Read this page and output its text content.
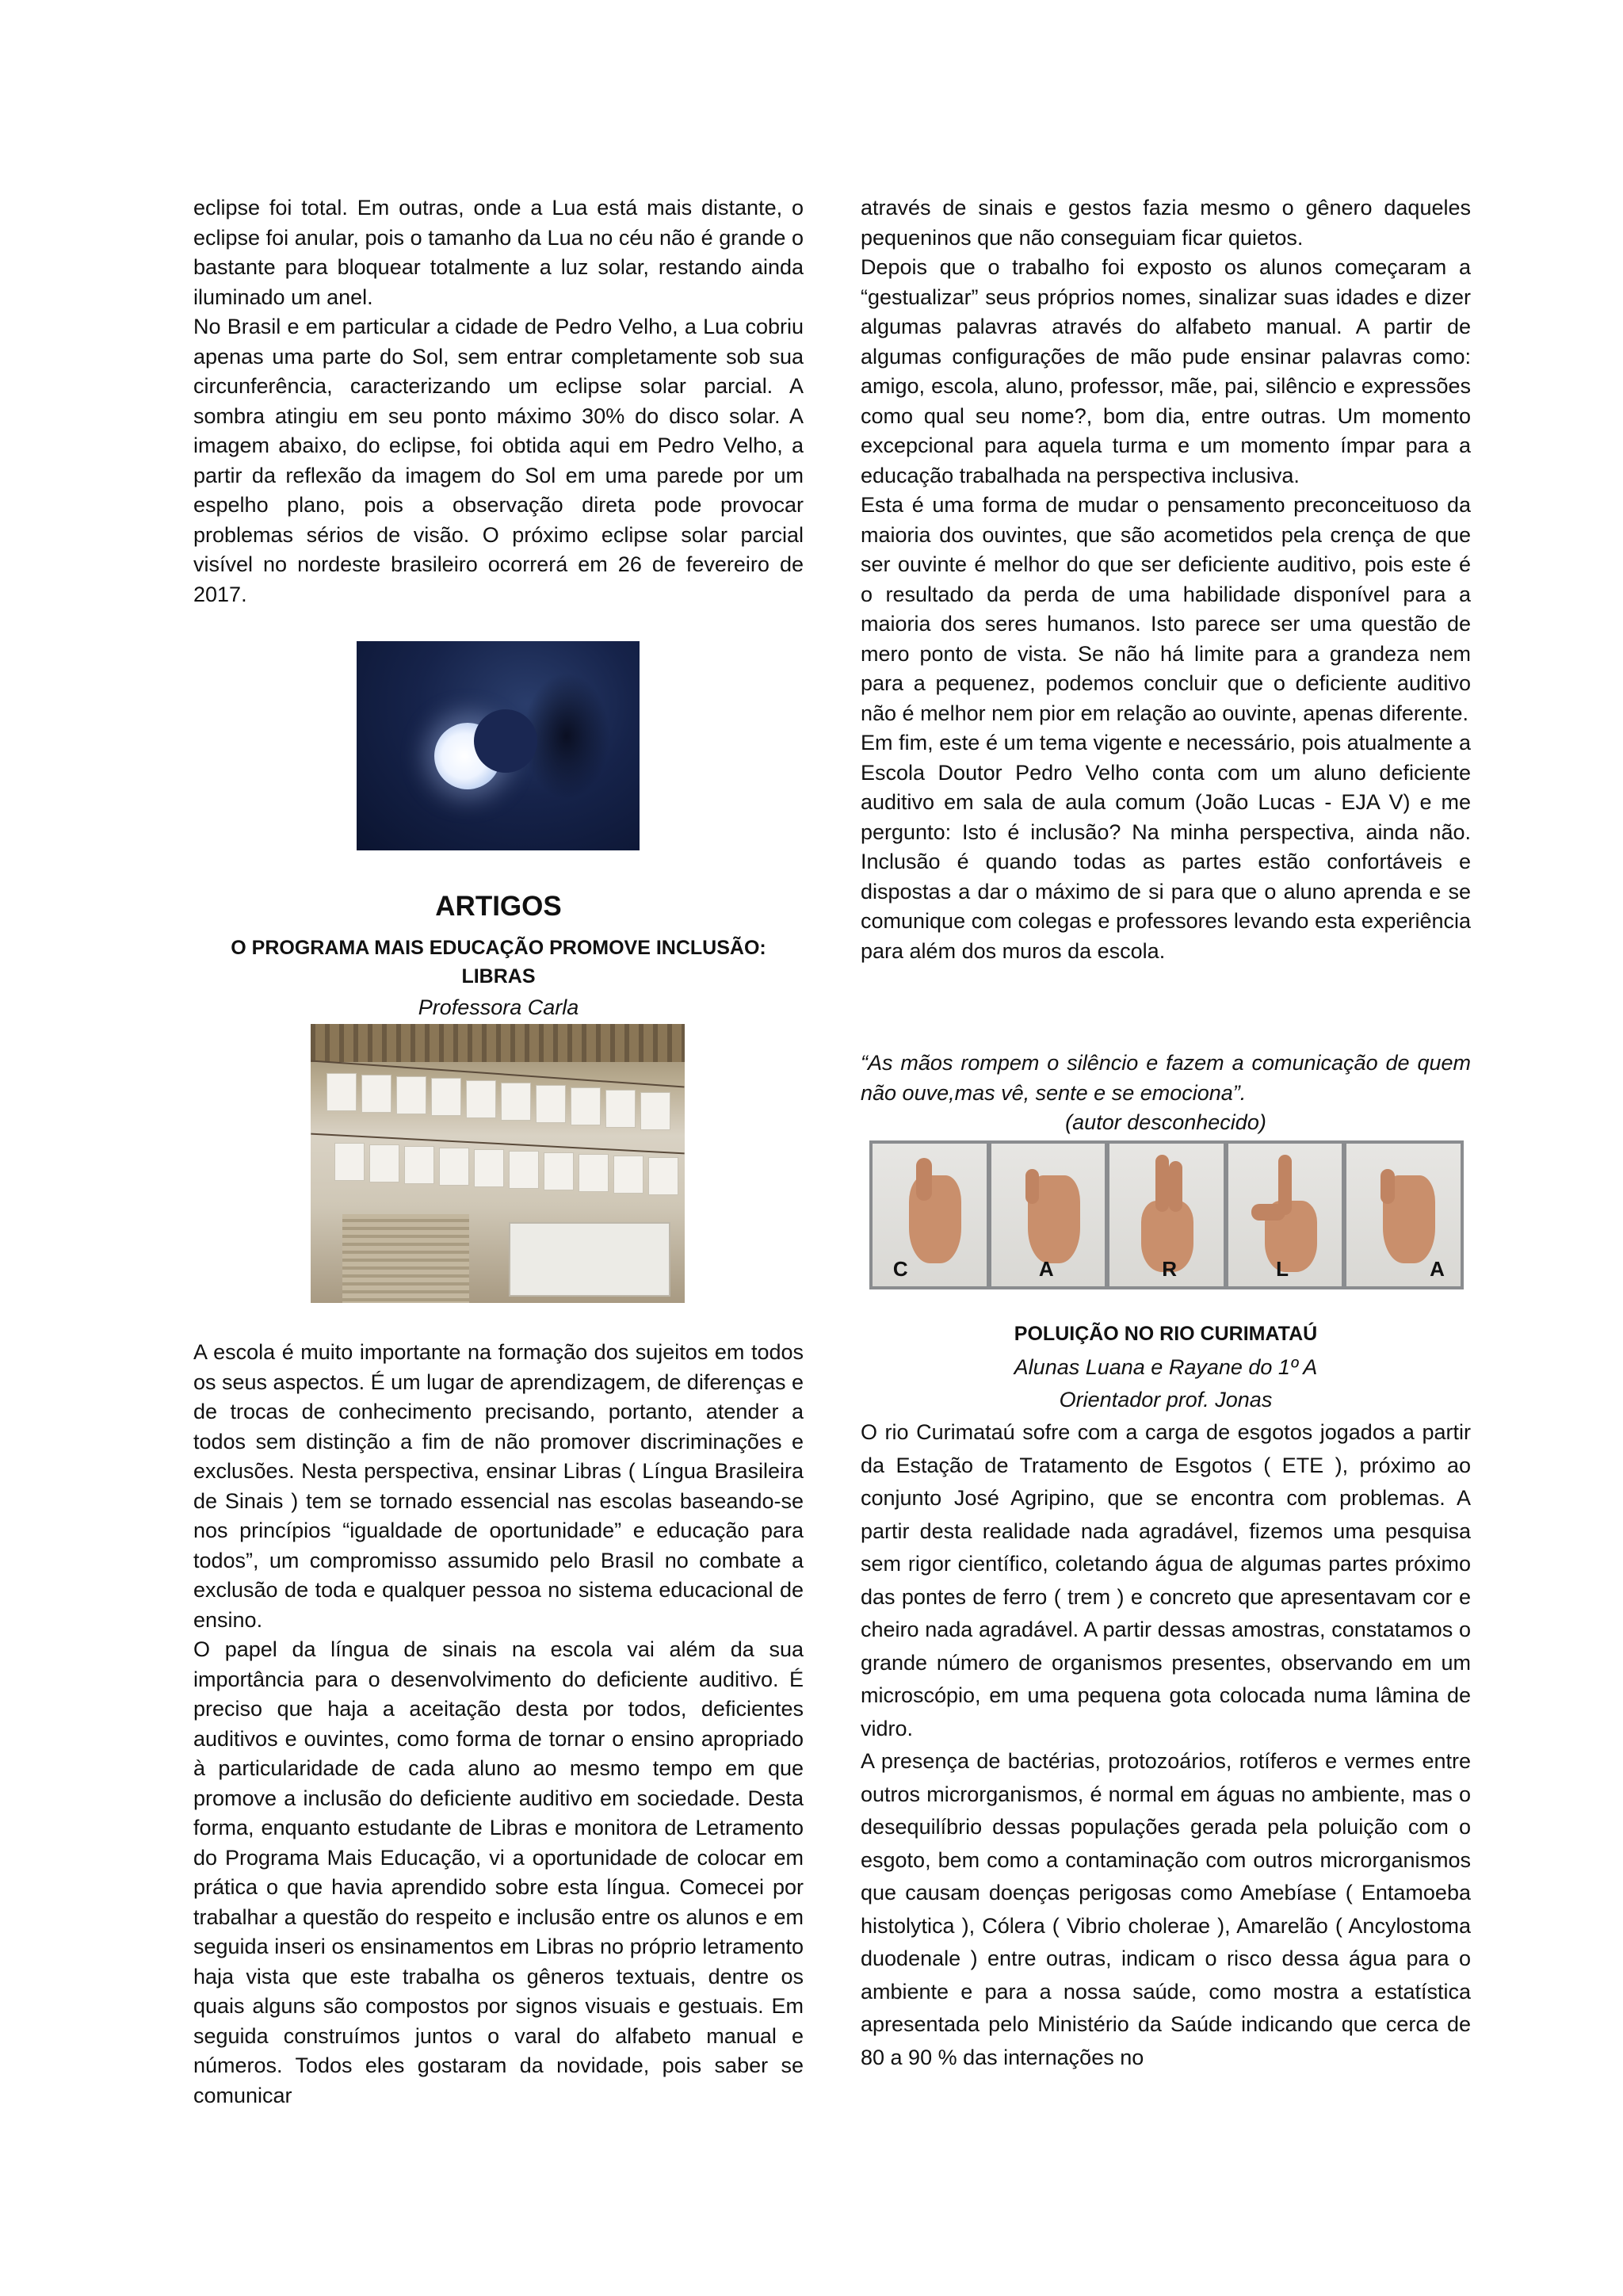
eclipse foi total. Em outras, onde a Lua está mais distante, o eclipse foi anular, pois o tamanho da Lua no céu não é grande o bastante para bloquear totalmente a luz solar, restando ainda iluminado um anel.

No Brasil e em particular a cidade de Pedro Velho, a Lua cobriu apenas uma parte do Sol, sem entrar completamente sob sua circunferência, caracterizando um eclipse solar parcial. A sombra atingiu em seu ponto máximo 30% do disco solar. A imagem abaixo, do eclipse, foi obtida aqui em Pedro Velho, a partir da reflexão da imagem do Sol em uma parede por um espelho plano, pois a observação direta pode provocar problemas sérios de visão. O próximo eclipse solar parcial visível no nordeste brasileiro ocorrerá em 26 de fevereiro de 2017.

ARTIGOS
O PROGRAMA MAIS EDUCAÇÃO PROMOVE INCLUSÃO: LIBRAS
Professora Carla

A escola é muito importante na formação dos sujeitos em todos os seus aspectos. É um lugar de aprendizagem, de diferenças e de trocas de conhecimento precisando, portanto, atender a todos sem distinção a fim de não promover discriminações e exclusões. Nesta perspectiva, ensinar Libras ( Língua Brasileira de Sinais ) tem se tornado essencial nas escolas baseando-se nos princípios “igualdade de oportunidade” e educação para todos”, um compromisso assumido pelo Brasil no combate a exclusão de toda e qualquer pessoa no sistema educacional de ensino.

O papel da língua de sinais na escola vai além da sua importância para o desenvolvimento do deficiente auditivo. É preciso que haja a aceitação desta por todos, deficientes auditivos e ouvintes, como forma de tornar o ensino apropriado à particularidade de cada aluno ao mesmo tempo em que promove a inclusão do deficiente auditivo em sociedade. Desta forma, enquanto estudante de Libras e monitora de Letramento do Programa Mais Educação, vi a oportunidade de colocar em prática o que havia aprendido sobre esta língua. Comecei por trabalhar a questão do respeito e inclusão entre os alunos e em seguida inseri os ensinamentos em Libras no próprio letramento haja vista que este trabalha os gêneros textuais, dentre os quais alguns são compostos por signos visuais e gestuais. Em seguida construímos juntos o varal do alfabeto manual e números. Todos eles gostaram da novidade, pois saber se comunicar

através de sinais e gestos fazia mesmo o gênero daqueles pequeninos que não conseguiam ficar quietos.

Depois que o trabalho foi exposto os alunos começaram a “gestualizar” seus próprios nomes, sinalizar suas idades e dizer algumas palavras através do alfabeto manual. A partir de algumas configurações de mão pude ensinar palavras como: amigo, escola, aluno, professor, mãe, pai, silêncio e expressões como qual seu nome?, bom dia, entre outras. Um momento excepcional para aquela turma e um momento ímpar para a educação trabalhada na perspectiva inclusiva.

Esta é uma forma de mudar o pensamento preconceituoso da maioria dos ouvintes, que são acometidos pela crença de que ser ouvinte é melhor do que ser deficiente auditivo, pois este é o resultado da perda de uma habilidade disponível para a maioria dos seres humanos. Isto parece ser uma questão de mero ponto de vista. Se não há limite para a grandeza nem para a pequenez, podemos concluir que o deficiente auditivo não é melhor nem pior em relação ao ouvinte, apenas diferente.

Em fim, este é um tema vigente e necessário, pois atualmente a Escola Doutor Pedro Velho conta com um aluno deficiente auditivo em sala de aula comum (João Lucas - EJA V) e me pergunto: Isto é inclusão? Na minha perspectiva, ainda não. Inclusão é quando todas as partes estão confortáveis e dispostas a dar o máximo de si para que o aluno aprenda e se comunique com colegas e professores levando esta experiência para além dos muros da escola.

“As mãos rompem o silêncio e fazem a comunicação de quem não ouve,mas vê, sente e se emociona”.
(autor desconhecido)
C	A	R	L	A
POLUIÇÃO NO RIO CURIMATAÚ
Alunas Luana e Rayane do 1º A
Orientador prof. Jonas

O rio Curimataú sofre com a carga de esgotos jogados a partir da Estação de Tratamento de Esgotos ( ETE ), próximo ao conjunto José Agripino, que se encontra com problemas. A partir desta realidade nada agradável, fizemos uma pesquisa sem rigor científico, coletando água de algumas partes próximo das pontes de ferro ( trem ) e concreto que apresentavam cor e cheiro nada agradável. A partir dessas amostras, constatamos o grande número de organismos presentes, observando em um microscópio, em uma pequena gota colocada numa lâmina de vidro.

A presença de bactérias, protozoários, rotíferos e vermes entre outros microrganismos, é normal em águas no ambiente, mas o desequilíbrio dessas populações gerada pela poluição com o esgoto, bem como a contaminação com outros microrganismos que causam doenças perigosas como Amebíase ( Entamoeba histolytica ), Cólera ( Vibrio cholerae ), Amarelão ( Ancylostoma duodenale ) entre outras, indicam o risco dessa água para o ambiente e para a nossa saúde, como mostra a estatística apresentada pelo Ministério da Saúde indicando que cerca de 80 a 90 % das internações no
